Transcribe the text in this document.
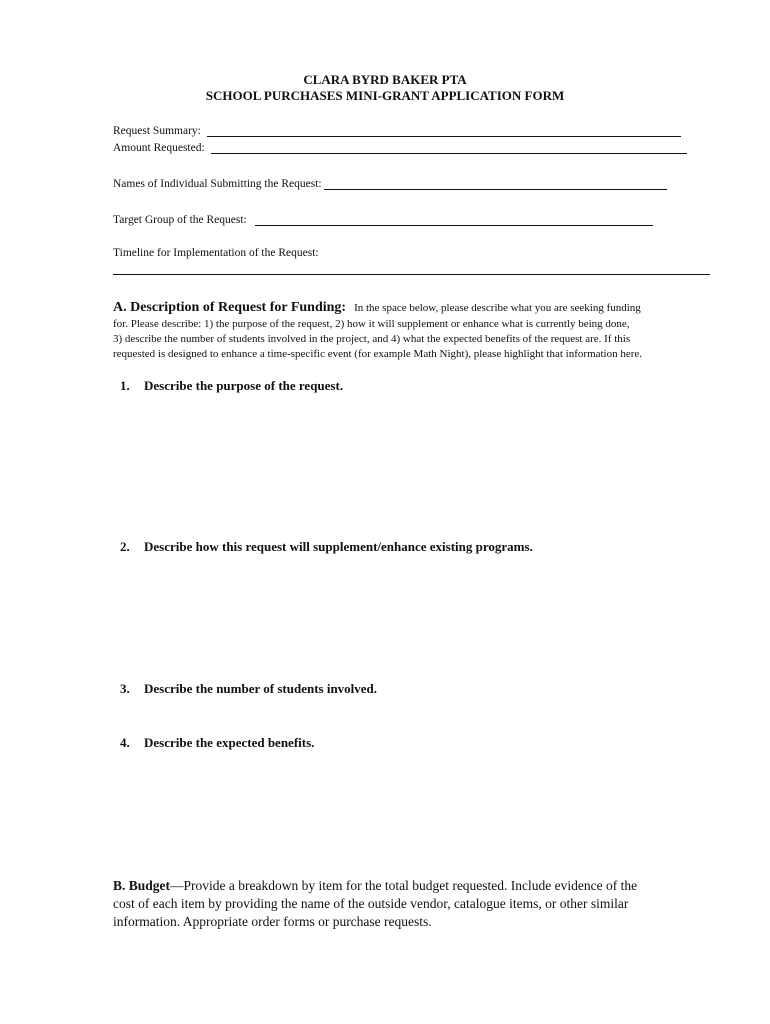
CLARA BYRD BAKER PTA
SCHOOL PURCHASES MINI-GRANT APPLICATION FORM
Request Summary:
Amount Requested:
Names of Individual Submitting the Request:
Target Group of the Request:
Timeline for Implementation of the Request:
A. Description of Request for Funding: In the space below, please describe what you are seeking funding
for. Please describe: 1) the purpose of the request, 2) how it will supplement or enhance what is currently being done,
3) describe the number of students involved in the project, and 4) what the expected benefits of the request are. If this
requested is designed to enhance a time-specific event (for example Math Night), please highlight that information here.
1. Describe the purpose of the request.
2. Describe how this request will supplement/enhance existing programs.
3. Describe the number of students involved.
4. Describe the expected benefits.
B. Budget—Provide a breakdown by item for the total budget requested. Include evidence of the
cost of each item by providing the name of the outside vendor, catalogue items, or other similar
information. Appropriate order forms or purchase requests.
